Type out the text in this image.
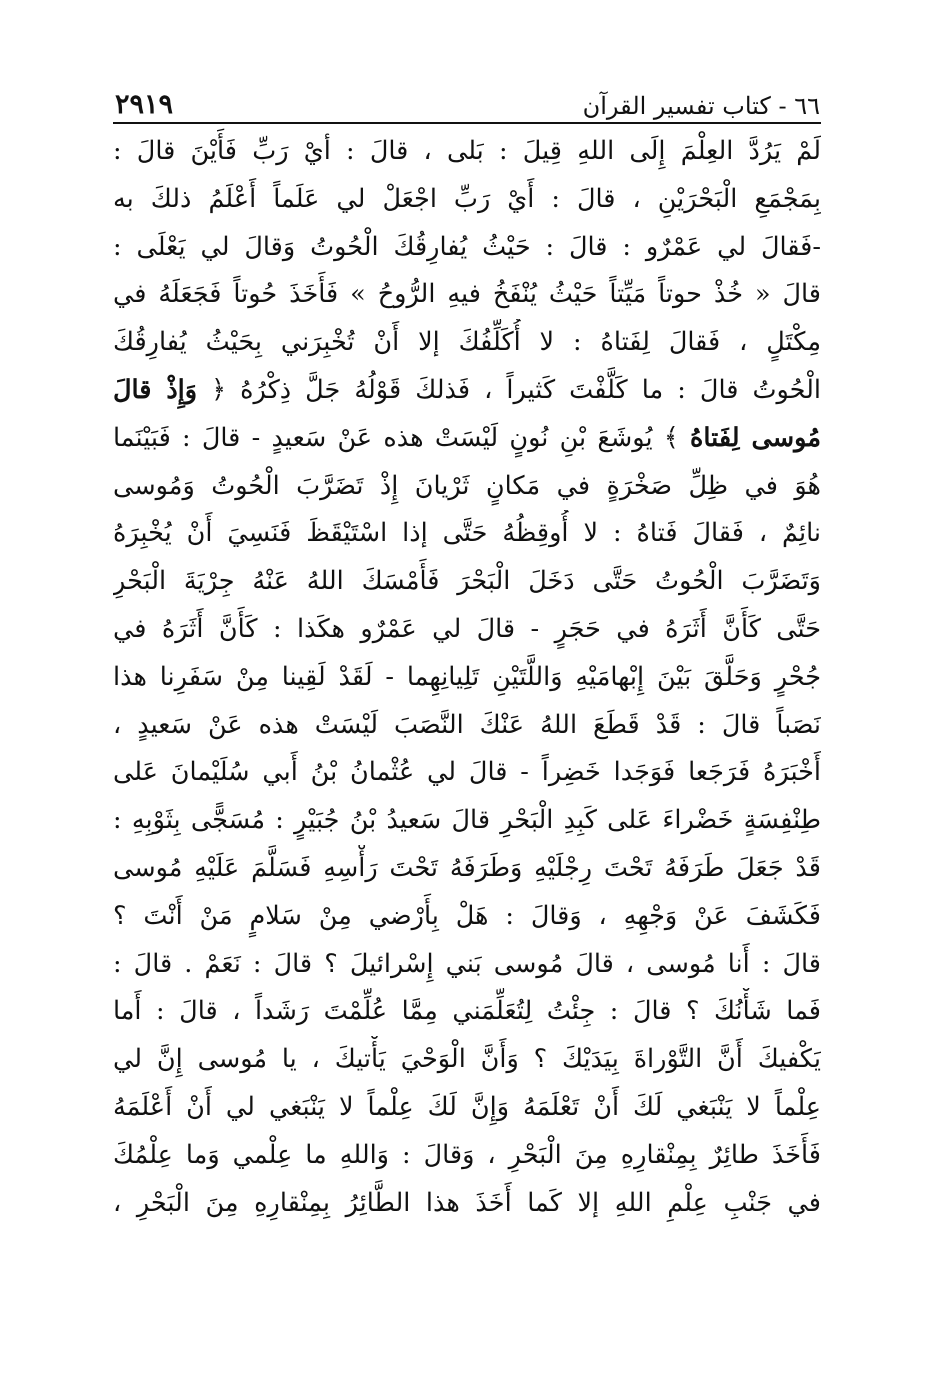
٦٦ - كتاب تفسير القرآن
٢٩١٩
لَمْ يَرُدَّ العِلْمَ إِلَى اللهِ قِيلَ : بَلى ، قالَ : أيْ رَبِّ فَأَيْنَ قالَ :
بِمَجْمَعِ الْبَحْرَيْنِ ، قالَ : أَيْ رَبِّ اجْعَلْ لي عَلَماً أَعْلَمُ ذلكَ به
-فَقالَ لي عَمْرٌو : قالَ : حَيْثُ يُفارِقُكَ الْحُوتُ وَقالَ لي يَعْلَى :
قالَ « خُذْ حوتاً مَيِّتاً حَيْثُ يُنْفَخُ فيهِ الرُّوحُ » فَأَخَذَ حُوتاً فَجَعَلَهُ في
مِكْتَلٍ ، فَقالَ لِفَتاهُ : لا أُكَلِّفُكَ إلا أَنْ تُخْبِرَني بِحَيْثُ يُفارِقُكَ
الْحُوتُ قالَ : ما كَلَّفْتَ كَثيراً ، فَذلكَ قَوْلُهُ جَلَّ ذِكْرُهُ ﴿ وَإِذْ قالَ
مُوسى لِفَتاهُ ﴾ يُوشَعَ بْنِ نُونٍ لَيْسَتْ هذه عَنْ سَعيدٍ - قالَ : فَبَيْنَما
هُوَ في ظِلِّ صَخْرَةٍ في مَكانٍ ثَرْيانَ إِذْ تَضَرَّبَ الْحُوتُ وَمُوسى
نائِمٌ ، فَقالَ فَتاهُ : لا أُوقِظُهُ حَتَّى إذا اسْتَيْقَظَ فَنَسِيَ أَنْ يُخْبِرَهُ
وَتَضَرَّبَ الْحُوتُ حَتَّى دَخَلَ الْبَحْرَ فَأَمْسَكَ اللهُ عَنْهُ جِرْيَةَ الْبَحْرِ
حَتَّى كَأَنَّ أَثَرَهُ في حَجَرٍ - قالَ لي عَمْرٌو هكَذا : كَأَنَّ أَثَرَهُ في
جُحْرٍ وَحَلَّقَ بَيْنَ إِبْهامَيْهِ وَاللَّتَيْنِ تَلِيانِهِما - لَقَدْ لَقِينا مِنْ سَفَرِنا هذا
نَصَباً قالَ : قَدْ قَطَعَ اللهُ عَنْكَ النَّصَبَ لَيْسَتْ هذه عَنْ سَعيدٍ ،
أَخْبَرَهُ فَرَجَعا فَوَجَدا خَضِراً - قالَ لي عُثْمانُ بْنُ أَبي سُلَيْمانَ عَلى
طِنْفِسَةٍ خَضْراءَ عَلى كَبِدِ الْبَحْرِ قالَ سَعيدُ بْنُ جُبَيْرٍ : مُسَجًّى بِثَوْبِهِ :
قَدْ جَعَلَ طَرَفَهُ تَحْتَ رِجْلَيْهِ وَطَرَفَهُ تَحْتَ رَأْسِهِ فَسَلَّمَ عَلَيْهِ مُوسى
فَكَشَفَ عَنْ وَجْهِهِ ، وَقالَ : هَلْ بِأَرْضي مِنْ سَلامٍ مَنْ أَنْتَ ؟
قالَ : أَنا مُوسى ، قالَ مُوسى بَني إِسْرائيلَ ؟ قالَ : نَعَمْ . قالَ :
فَما شَأْنُكَ ؟ قالَ : جِئْتُ لِتُعَلِّمَني مِمَّا عُلِّمْتَ رَشَداً ، قالَ : أَما
يَكْفيكَ أَنَّ التَّوْراةَ بِيَدَيْكَ ؟ وَأَنَّ الْوَحْيَ يَأْتيكَ ، يا مُوسى إِنَّ لي
عِلْماً لا يَنْبَغي لَكَ أَنْ تَعْلَمَهُ وَإِنَّ لَكَ عِلْماً لا يَنْبَغي لي أَنْ أَعْلَمَهُ
فَأَخَذَ طائِرٌ بِمِنْقارِهِ مِنَ الْبَحْرِ ، وَقالَ : وَاللهِ ما عِلْمي وَما عِلْمُكَ
في جَنْبِ عِلْمِ اللهِ إلا كَما أَخَذَ هذا الطَّائِرُ بِمِنْقارِهِ مِنَ الْبَحْرِ ،
